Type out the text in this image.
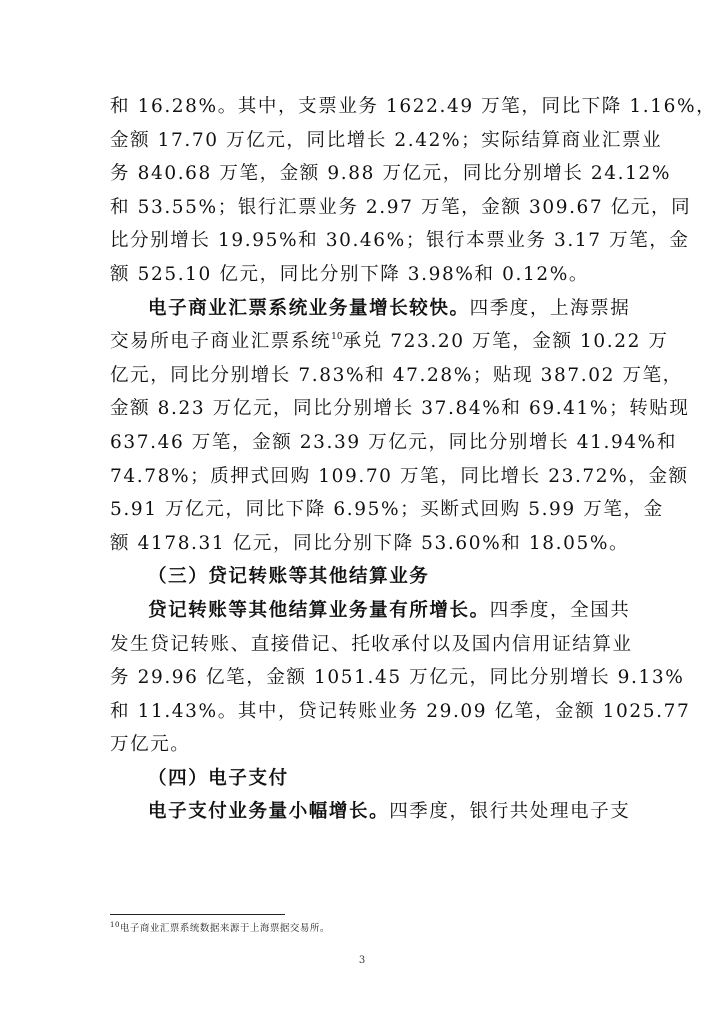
和 16.28%。其中，支票业务 1622.49 万笔，同比下降 1.16%，
金额 17.70 万亿元，同比增长 2.42%；实际结算商业汇票业
务 840.68 万笔，金额 9.88 万亿元，同比分别增长 24.12%
和 53.55%；银行汇票业务 2.97 万笔，金额 309.67 亿元，同
比分别增长 19.95%和 30.46%；银行本票业务 3.17 万笔，金
额 525.10 亿元，同比分别下降 3.98%和 0.12%。
电子商业汇票系统业务量增长较快。四季度，上海票据
交易所电子商业汇票系统$^{10}$承兑 723.20 万笔，金额 10.22 万
亿元，同比分别增长 7.83%和 47.28%；贴现 387.02 万笔，
金额 8.23 万亿元，同比分别增长 37.84%和 69.41%；转贴现
637.46 万笔，金额 23.39 万亿元，同比分别增长 41.94%和
74.78%；质押式回购 109.70 万笔，同比增长 23.72%，金额
5.91 万亿元，同比下降 6.95%；买断式回购 5.99 万笔，金
额 4178.31 亿元，同比分别下降 53.60%和 18.05%。
（三）贷记转账等其他结算业务
贷记转账等其他结算业务量有所增长。四季度，全国共
发生贷记转账、直接借记、托收承付以及国内信用证结算业
务 29.96 亿笔，金额 1051.45 万亿元，同比分别增长 9.13%
和 11.43%。其中，贷记转账业务 29.09 亿笔，金额 1025.77
万亿元。
（四）电子支付
电子支付业务量小幅增长。四季度，银行共处理电子支
$^{10}$电子商业汇票系统数据来源于上海票据交易所。
3
